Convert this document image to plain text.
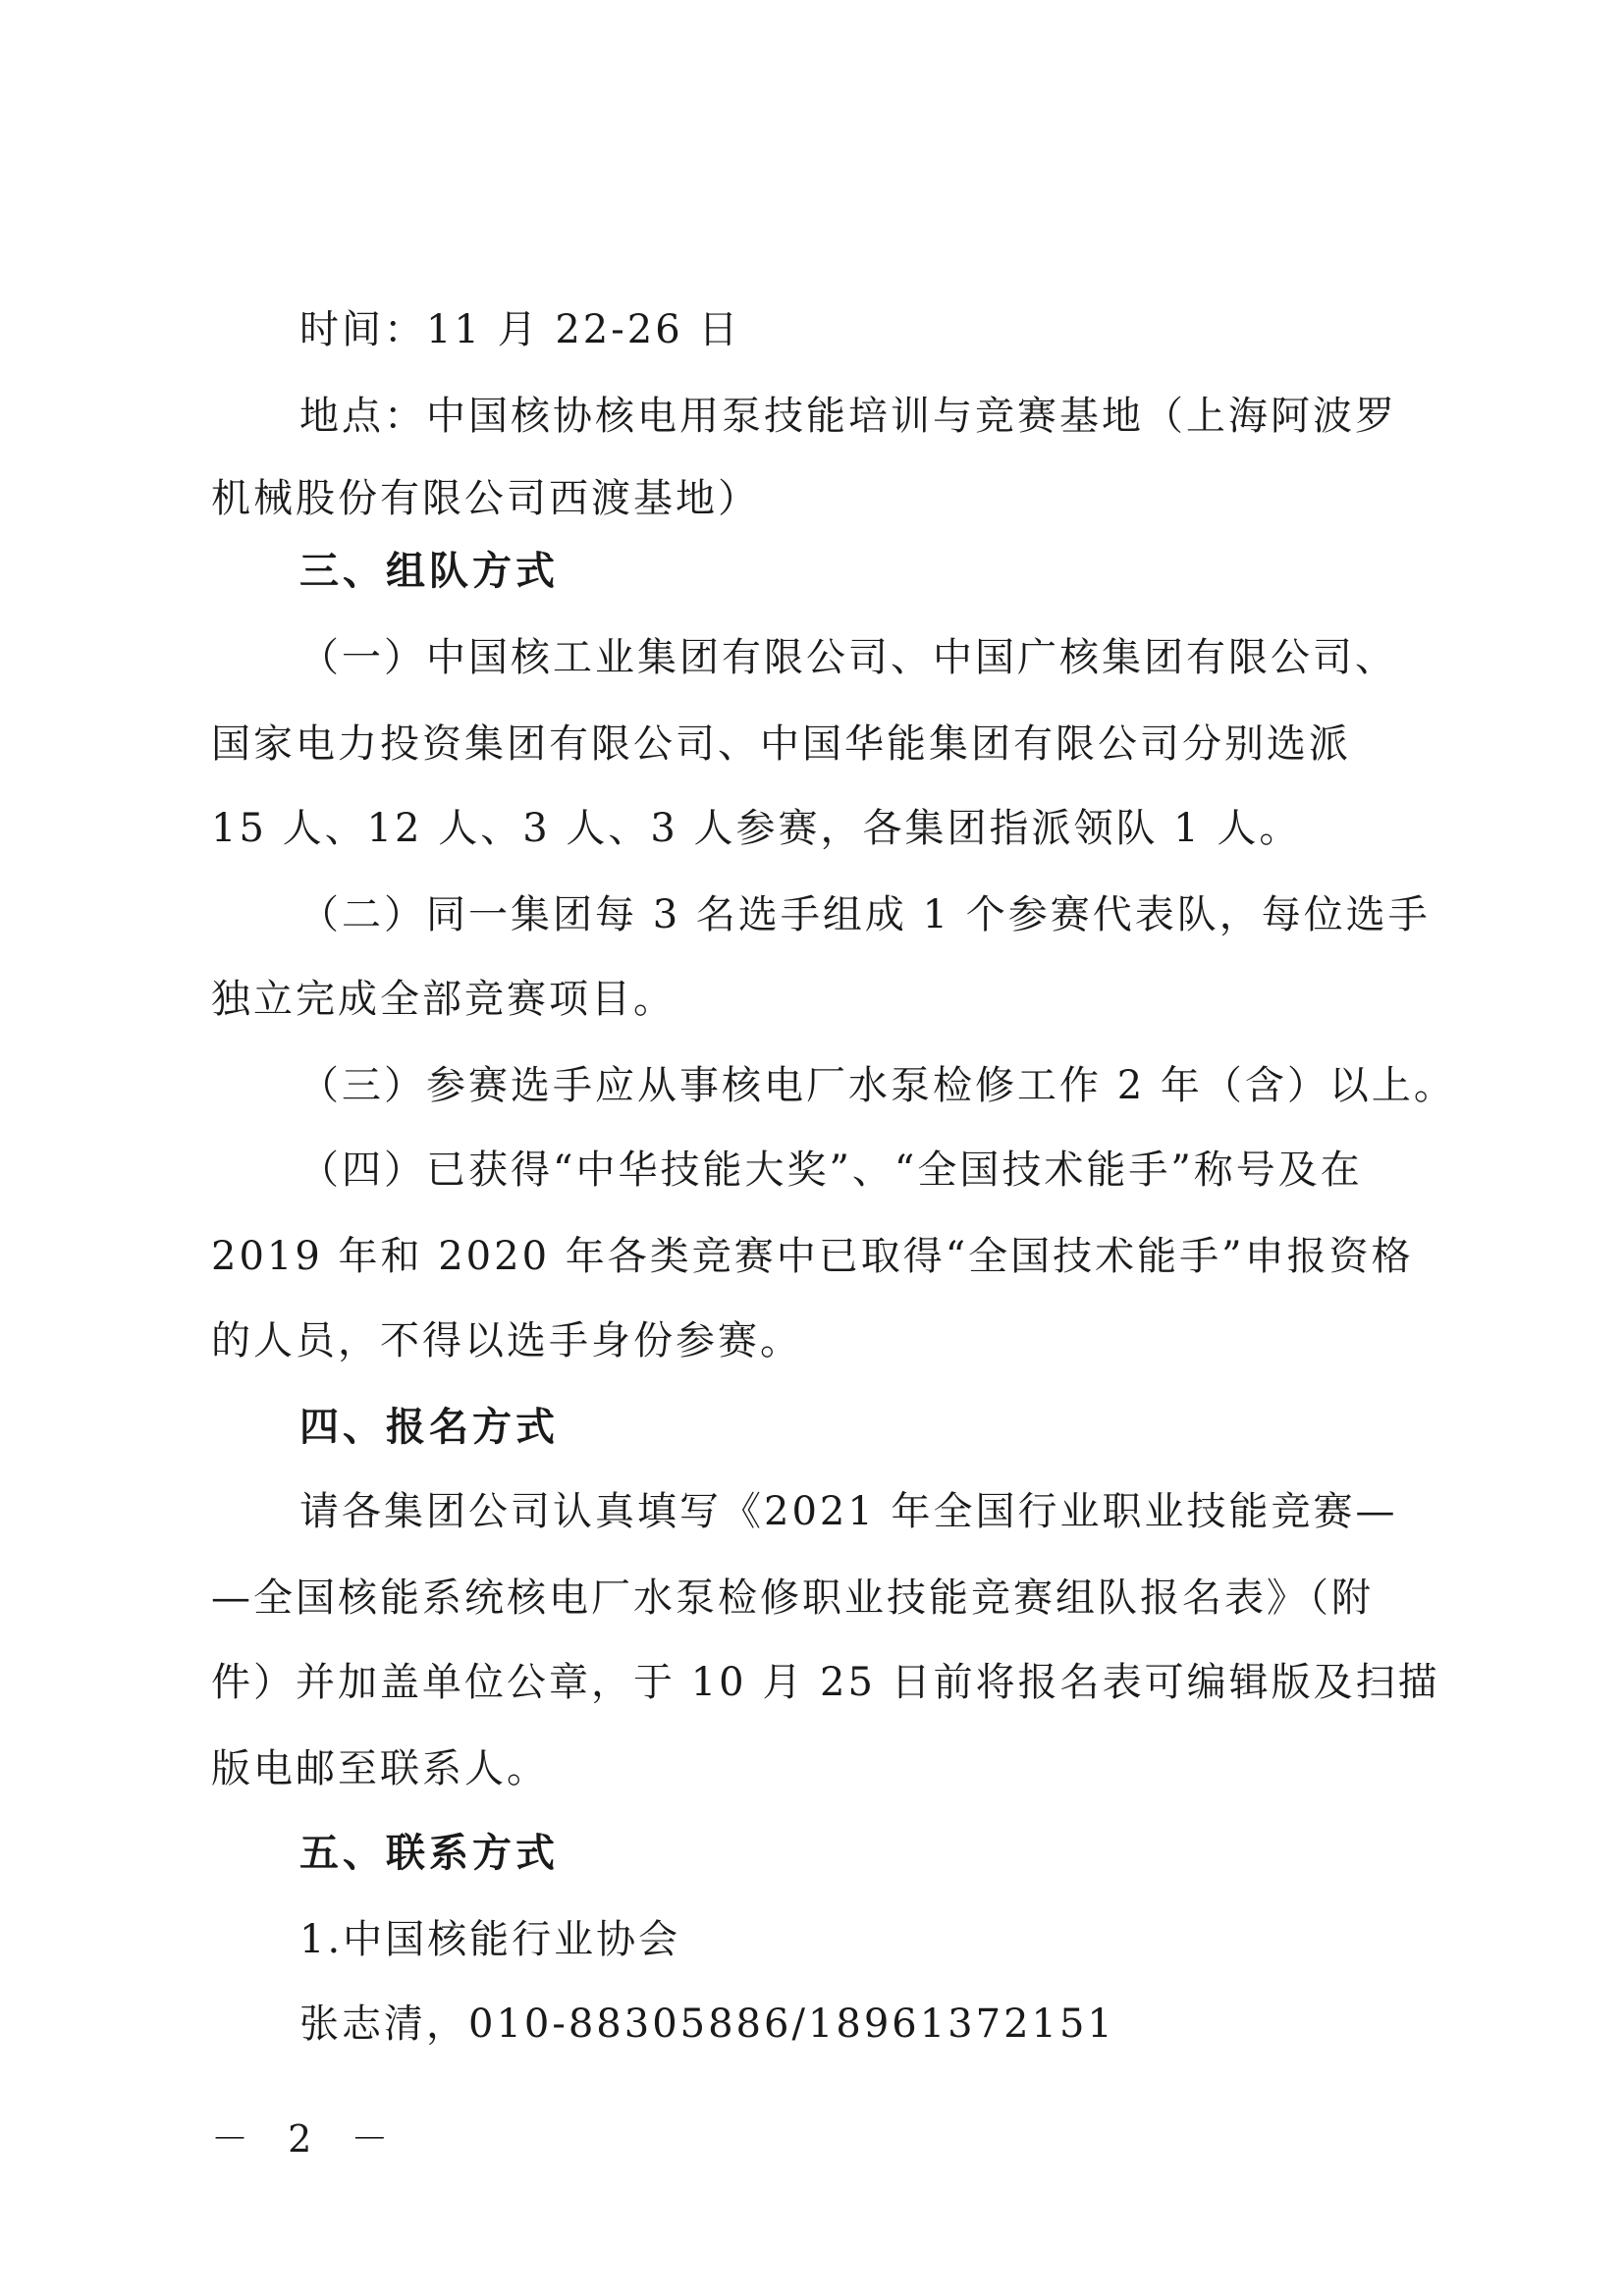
时间：11 月 22-26 日
地点：中国核协核电用泵技能培训与竞赛基地（上海阿波罗
机械股份有限公司西渡基地）
三、组队方式
（一）中国核工业集团有限公司、中国广核集团有限公司、
国家电力投资集团有限公司、中国华能集团有限公司分别选派
15 人、12 人、3 人、3 人参赛，各集团指派领队 1 人。
（二）同一集团每 3 名选手组成 1 个参赛代表队，每位选手
独立完成全部竞赛项目。
（三）参赛选手应从事核电厂水泵检修工作 2 年（含）以上。
（四）已获得“中华技能大奖”、“全国技术能手”称号及在
2019 年和 2020 年各类竞赛中已取得“全国技术能手”申报资格
的人员，不得以选手身份参赛。
四、报名方式
请各集团公司认真填写《2021 年全国行业职业技能竞赛—
—全国核能系统核电厂水泵检修职业技能竞赛组队报名表》（附
件）并加盖单位公章，于 10 月 25 日前将报名表可编辑版及扫描
版电邮至联系人。
五、联系方式
1.中国核能行业协会
张志清，010-88305886/18961372151
－ 2 －
